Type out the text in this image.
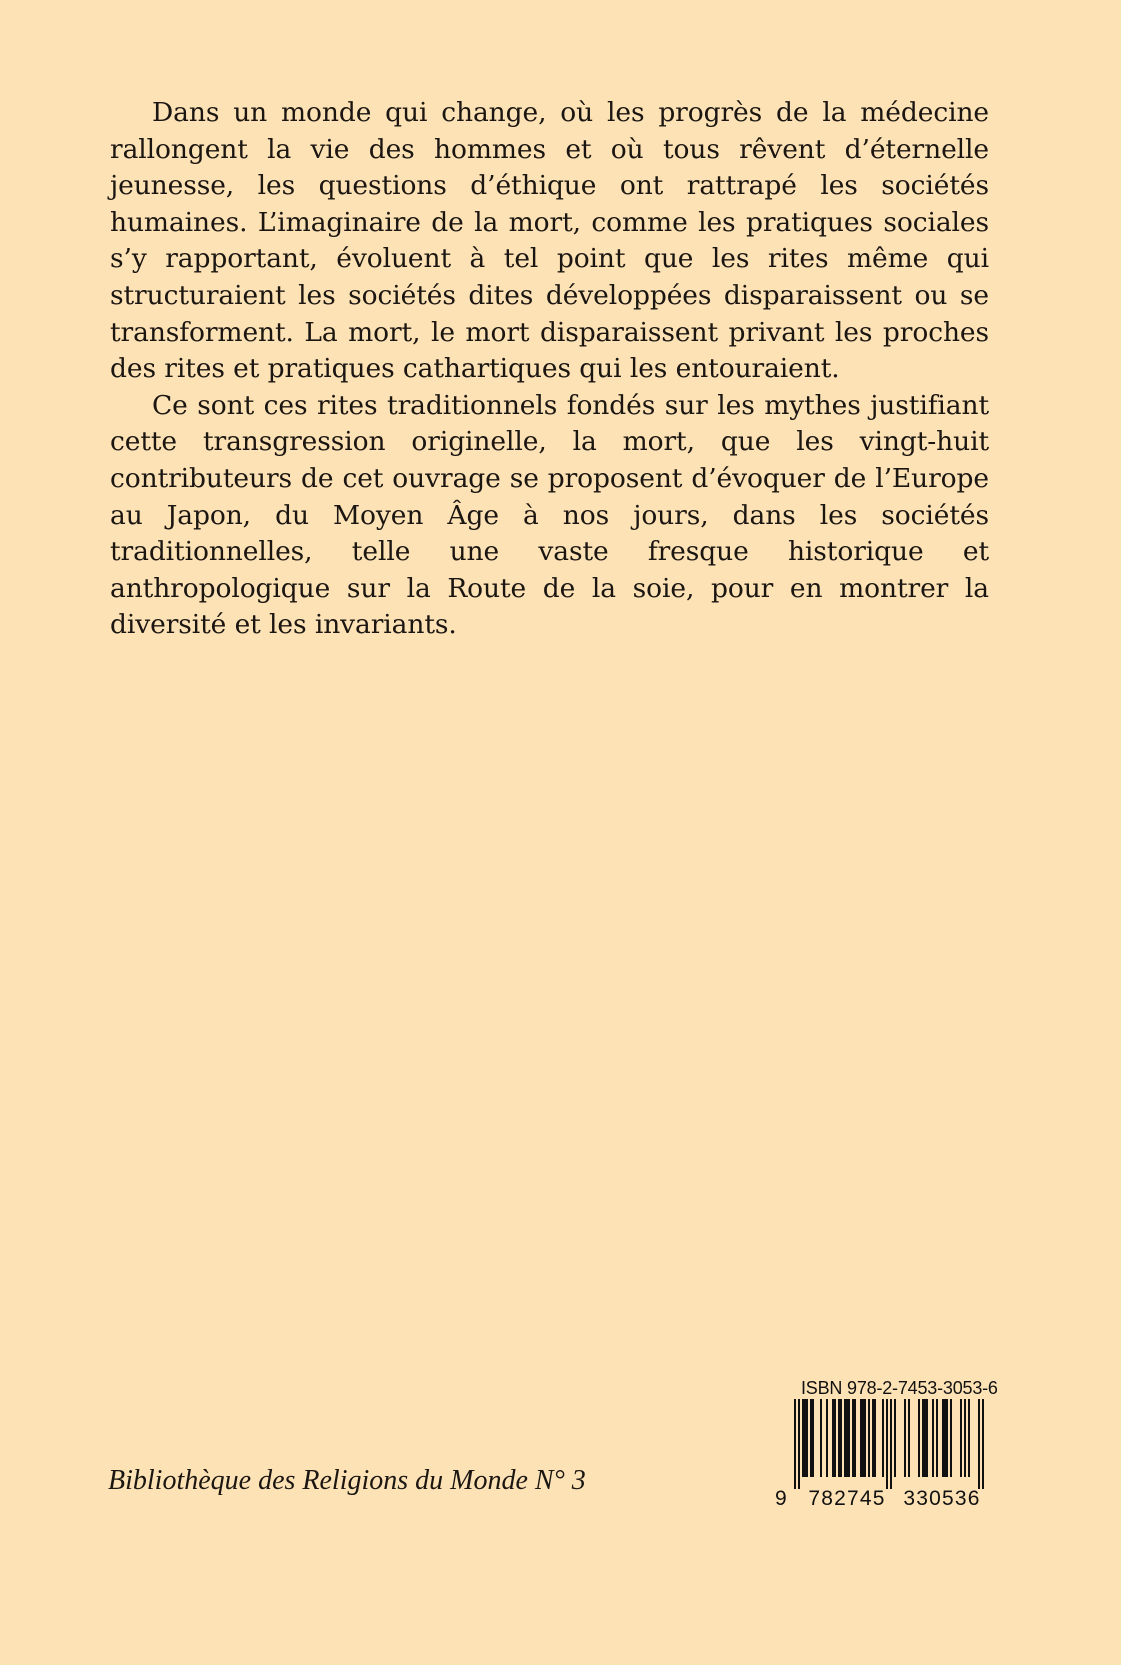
Dans un monde qui change, où les progrès de la médecine rallongent la vie des hommes et où tous rêvent d’éternelle jeunesse, les questions d’éthique ont rattrapé les sociétés humaines. L’imaginaire de la mort, comme les pratiques sociales s’y rapportant, évoluent à tel point que les rites même qui structuraient les sociétés dites développées disparaissent ou se transforment. La mort, le mort disparaissent privant les proches des rites et pratiques cathartiques qui les entouraient.

Ce sont ces rites traditionnels fondés sur les mythes justifiant cette transgression originelle, la mort, que les vingt-huit contributeurs de cet ouvrage se proposent d’évoquer de l’Europe au Japon, du Moyen Âge à nos jours, dans les sociétés traditionnelles, telle une vaste fresque historique et anthropologique sur la Route de la soie, pour en montrer la diversité et les invariants.

Bibliothèque des Religions du Monde N° 3
ISBN 978-2-7453-3053-6
9 782745 330536
